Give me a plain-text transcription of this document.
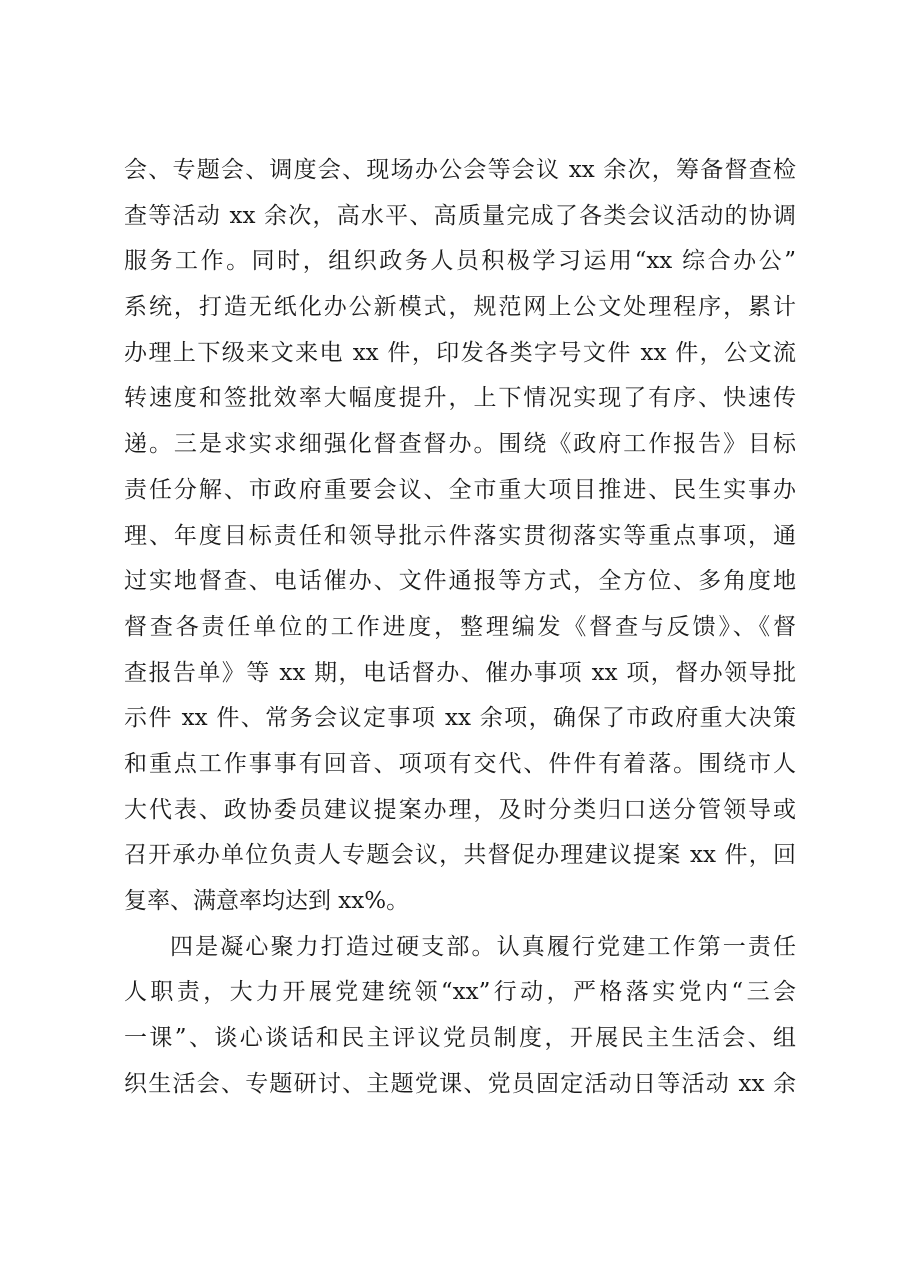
会、专题会、调度会、现场办公会等会议 xx 余次，筹备督查检
查等活动 xx 余次，高水平、高质量完成了各类会议活动的协调
服务工作。同时，组织政务人员积极学习运用“xx 综合办公”
系统，打造无纸化办公新模式，规范网上公文处理程序，累计
办理上下级来文来电 xx 件，印发各类字号文件 xx 件，公文流
转速度和签批效率大幅度提升，上下情况实现了有序、快速传
递。三是求实求细强化督查督办。围绕《政府工作报告》目标
责任分解、市政府重要会议、全市重大项目推进、民生实事办
理、年度目标责任和领导批示件落实贯彻落实等重点事项，通
过实地督查、电话催办、文件通报等方式，全方位、多角度地
督查各责任单位的工作进度，整理编发《督查与反馈》、《督
查报告单》等 xx 期，电话督办、催办事项 xx 项，督办领导批
示件 xx 件、常务会议定事项 xx 余项，确保了市政府重大决策
和重点工作事事有回音、项项有交代、件件有着落。围绕市人
大代表、政协委员建议提案办理，及时分类归口送分管领导或
召开承办单位负责人专题会议，共督促办理建议提案 xx 件，回
复率、满意率均达到 xx%。

四是凝心聚力打造过硬支部。认真履行党建工作第一责任
人职责，大力开展党建统领“xx”行动，严格落实党内“三会
一课”、谈心谈话和民主评议党员制度，开展民主生活会、组
织生活会、专题研讨、主题党课、党员固定活动日等活动 xx 余
